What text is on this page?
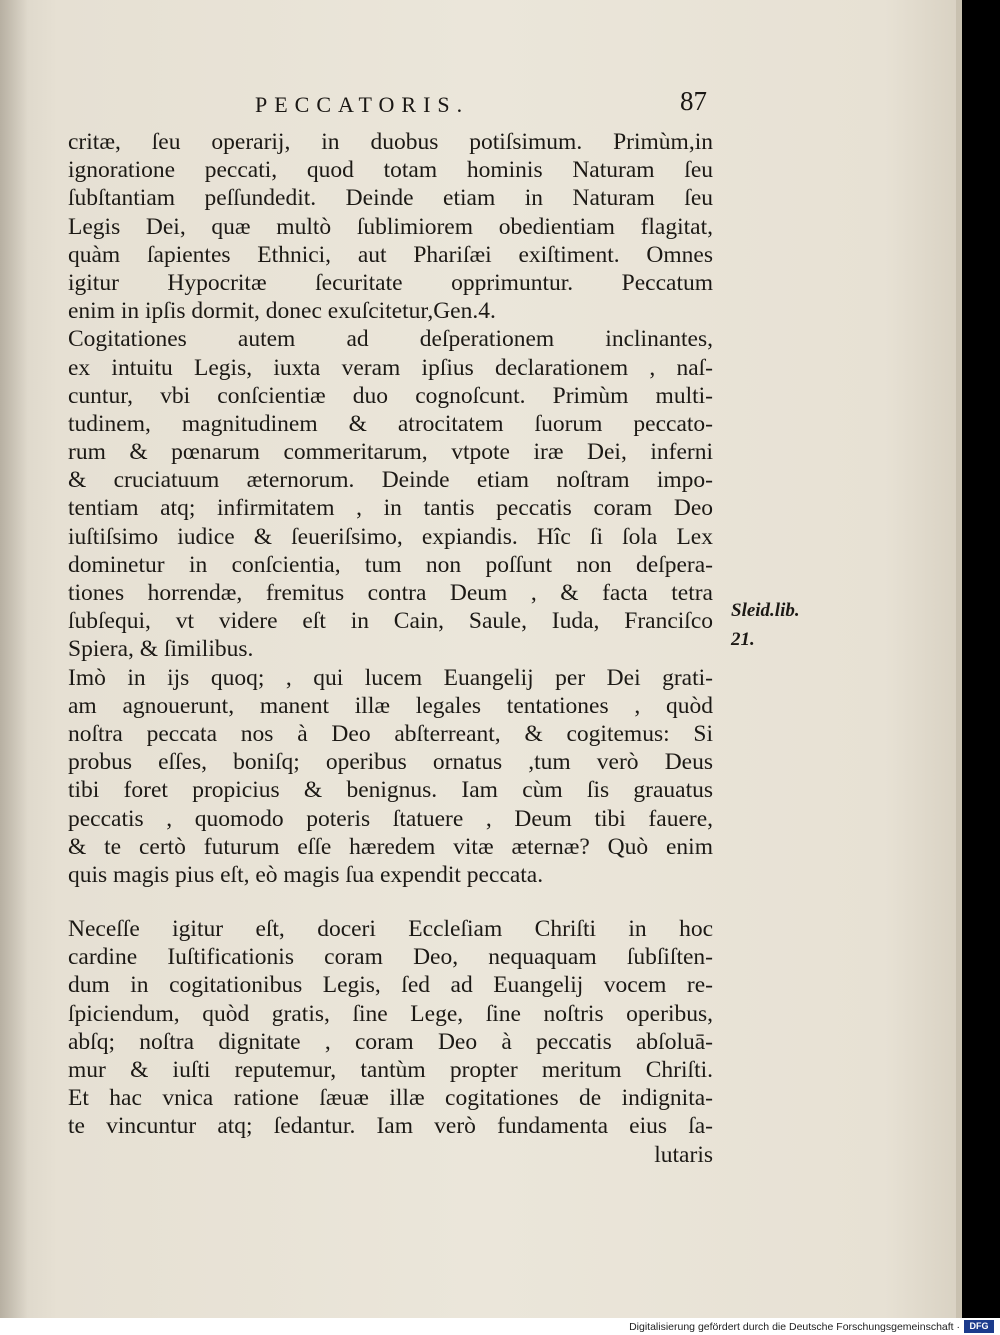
PECCATORIS.	87
critæ, ſeu operarij, in duobus potiſsimum. Primùm,in
ignoratione peccati, quod totam hominis Naturam ſeu
ſubſtantiam peſſundedit. Deinde etiam in Naturam ſeu
Legis Dei, quæ multò ſublimiorem obedientiam flagitat,
quàm ſapientes Ethnici, aut Phariſæi exiſtiment. Omnes
igitur Hypocritæ ſecuritate opprimuntur. Peccatum
enim in ipſis dormit, donec exuſcitetur,Gen.4.
Cogitationes autem ad deſperationem inclinantes,
ex intuitu Legis, iuxta veram ipſius declarationem , naſ-
cuntur, vbi conſcientiæ duo cognoſcunt. Primùm multi-
tudinem, magnitudinem & atrocitatem ſuorum peccato-
rum & pœnarum commeritarum, vtpote iræ Dei, inferni
& cruciatuum æternorum. Deinde etiam noſtram impo-
tentiam atq; infirmitatem , in tantis peccatis coram Deo
iuſtiſsimo iudice & ſeueriſsimo, expiandis. Hîc ſi ſola Lex
dominetur in conſcientia, tum non poſſunt non deſpera-
tiones horrendæ, fremitus contra Deum , & facta tetra
ſubſequi, vt videre eſt in Cain, Saule, Iuda, Franciſco
Spiera, & ſimilibus.
Imò in ijs quoq; , qui lucem Euangelij per Dei grati-
am agnouerunt, manent illæ legales tentationes , quòd
noſtra peccata nos à Deo abſterreant, & cogitemus: Si
probus eſſes, boniſq; operibus ornatus ,tum verò Deus
tibi foret propicius & benignus. Iam cùm ſis grauatus
peccatis , quomodo poteris ſtatuere , Deum tibi fauere,
& te certò futurum eſſe hæredem vitæ æternæ? Quò enim
quis magis pius eſt, eò magis ſua expendit peccata.
Neceſſe igitur eſt, doceri Eccleſiam Chriſti in hoc
cardine Iuſtificationis coram Deo, nequaquam ſubſiſten-
dum in cogitationibus Legis, ſed ad Euangelij vocem re-
ſpiciendum, quòd gratis, ſine Lege, ſine noſtris operibus,
abſq; noſtra dignitate , coram Deo à peccatis abſoluā-
mur & iuſti reputemur, tantùm propter meritum Chriſti.
Et hac vnica ratione ſæuæ illæ cogitationes de indignita-
te vincuntur atq; ſedantur. Iam verò fundamenta eius ſa-
lutaris
Sleid.lib.
21.
Digitalisierung gefördert durch die Deutsche Forschungsgemeinschaft ·	DFG
